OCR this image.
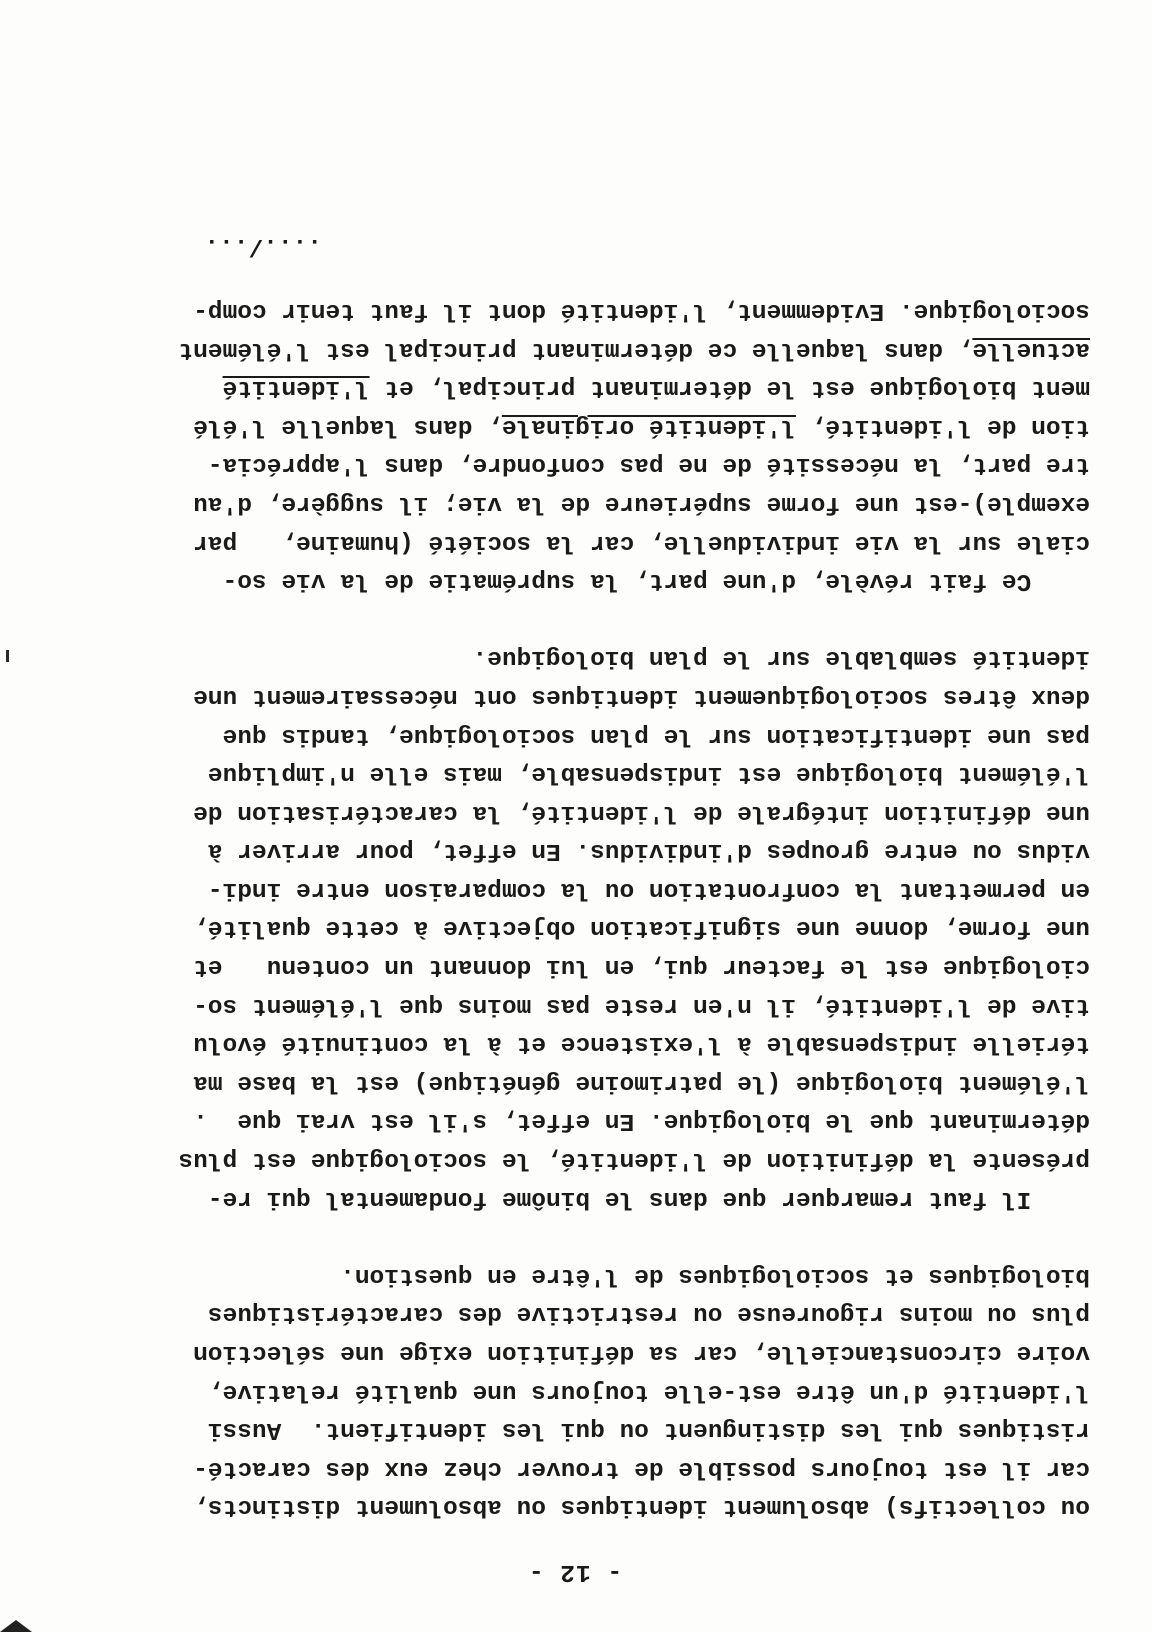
- 12 -
ou collectifs) absolument identiques ou absolument distincts,
car il est toujours possible de trouver chez eux des caracté-
ristiques qui les distinguent ou qui les identifient.  Aussi
l'identité d'un être est-elle toujours une qualité relative,
voire circonstancielle, car sa définition exige une sélection
plus ou moins rigoureuse ou restrictive des caractéristiques
biologiques et sociologiques de l'être en question.
Il faut remarquer que dans le binôme fondamental qui re-
présente la définition de l'identité, le sociologique est plus
déterminant que le biologique. En effet, s'il est vrai que  .
l'élément biologique (le patrimoine génétique) est la base ma
térielle indispensable à l'existence et à la continuité évolu
tive de l'identité, il n'en reste pas moins que l'élément so-
ciologique est le facteur qui, en lui donnant un contenu   et
une forme, donne une signification objective à cette qualité,
en permettant la confrontation ou la comparaison entre indi-
vidus ou entre groupes d'individus. En effet, pour arriver à
une définition intégrale de l'identité, la caractérisation de
l'élément biologique est indispensable, mais elle n'implique
pas une identification sur le plan sociologique, tandis que
deux êtres sociologiquement identiques ont nécessairement une
identité semblable sur le plan biologique.
Ce fait révèle, d'une part, la suprématie de la vie so-
ciale sur la vie individuelle, car la société (humaine,   par
exemple)-est une forme supérieure de la vie; il suggère, d'au
tre part, la nécessité de ne pas confondre, dans l'apprécia-
tion de l'identité, l'identité originale, dans laquelle l'élé
ment biologique est le déterminant principal, et l'identité
actuelle, dans laquelle ce déterminant principal est l'élément
sociologique. Evidemment, l'identité dont il faut tenir comp-
..../...
